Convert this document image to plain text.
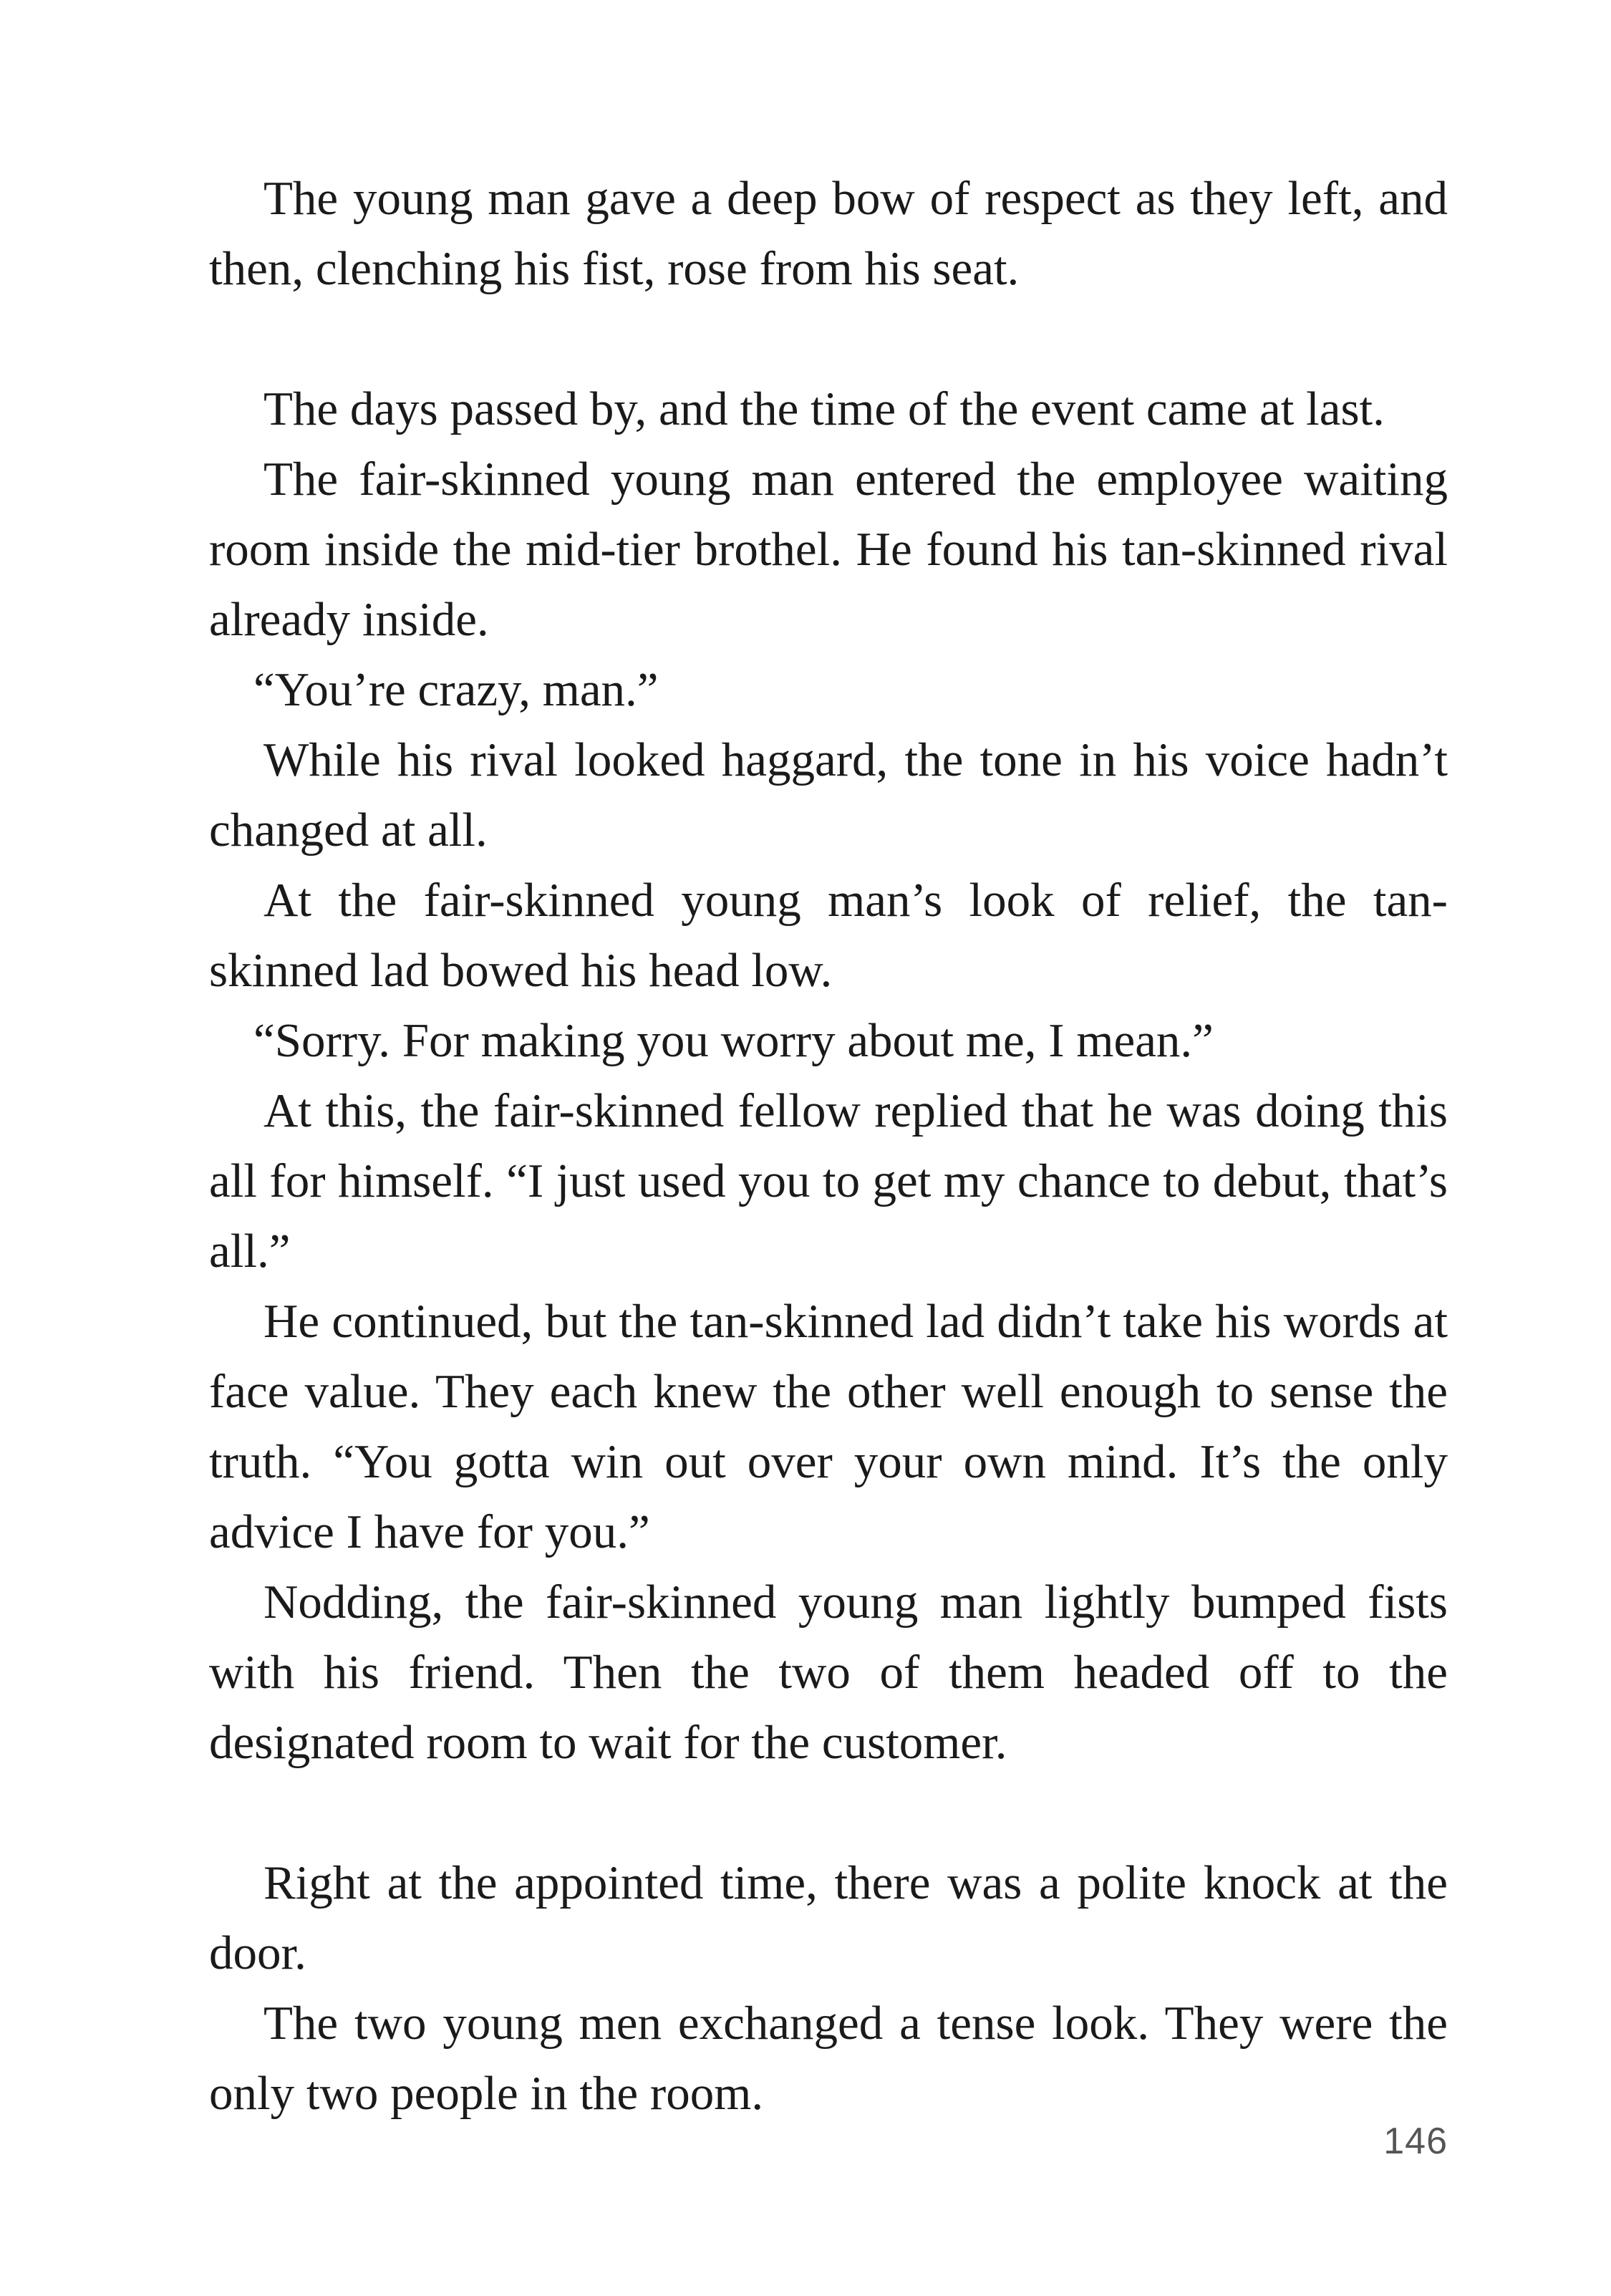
The young man gave a deep bow of respect as they left, and then, clenching his fist, rose from his seat.

The days passed by, and the time of the event came at last.

The fair-skinned young man entered the employee waiting room inside the mid-tier brothel. He found his tan-skinned rival already inside.

“You’re crazy, man.”

While his rival looked haggard, the tone in his voice hadn’t changed at all.

At the fair-skinned young man’s look of relief, the tan-skinned lad bowed his head low.

“Sorry. For making you worry about me, I mean.”

At this, the fair-skinned fellow replied that he was doing this all for himself. “I just used you to get my chance to debut, that’s all.”

He continued, but the tan-skinned lad didn’t take his words at face value. They each knew the other well enough to sense the truth. “You gotta win out over your own mind. It’s the only advice I have for you.”

Nodding, the fair-skinned young man lightly bumped fists with his friend. Then the two of them headed off to the designated room to wait for the customer.

Right at the appointed time, there was a polite knock at the door.

The two young men exchanged a tense look. They were the only two people in the room.

146
